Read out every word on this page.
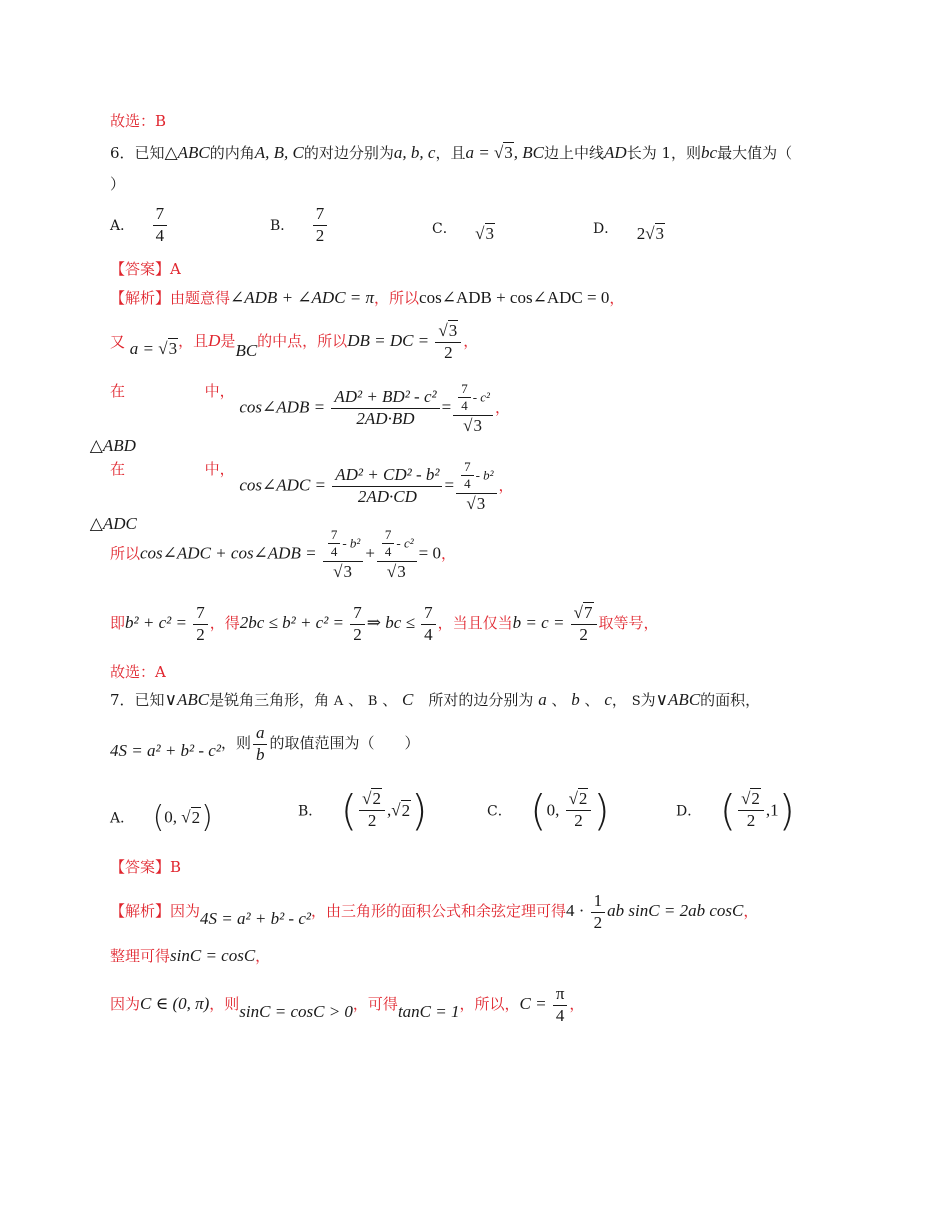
故选：B
6．已知△ABC的内角A, B, C的对边分别为a, b, c，且a = √3, BC边上中线AD长为 1，则bc最大值为（
）
A． $\frac{7}{4}$	B． $\frac{7}{2}$	C． √3	D． 2√3
【答案】A
【解析】由题意得∠ADB + ∠ADC = π，所以cos∠ADB + cos∠ADC = 0，
又 a = √3，且D是BC的中点，所以DB = DC = $\frac{√3}{2}$ ，
在 △ABD 中， cos∠ADB = $\frac{\text{AD² + BD² - c²}}{2AD\cdot BD} = \frac{\frac{7}{4} - c^2}{√3}$ ，
在 △ADC 中， cos∠ADC = $\frac{\text{AD² + CD² - b²}}{2AD\cdot CD} = \frac{\frac{7}{4} - b^2}{√3}$ ，
所以cos∠ADC + cos∠ADB = $\frac{\frac{7}{4} - b^2}{√3} + \frac{\frac{7}{4} - c^2}{√3} = 0$，
即$b^2 + c^2 = \frac{7}{2}$ ，得$2bc \le b^2 + c^2 = \frac{7}{2}$ ⇒ bc ≤ $\frac{7}{4}$ ，当且仅当$b = c = \frac{√7}{2}$ 取等号，
故选：A
7．已知∨ABC是锐角三角形，角 A 、 B 、 C　 所对的边分别为 a 、 b 、 c， S为∨ABC的面积，
4S = a² + b² - c²，则 $\frac{a}{b}$ 的取值范围为（　　）
A． (0, √2)	B． ( $\frac{√2}{2} ,√2$)	C． (0, $\frac{√2}{2}$ )	D． ( $\frac{√2}{2} ,1$)
【答案】B
【解析】因为4S = a² + b² - c²，由三角形的面积公式和余弦定理可得$4 \cdot \frac{1}{2}$ ab sinC = 2ab cosC，
整理可得sinC = cosC，
因为C ∈ (0, π)，则sinC = cosC > 0，可得tanC = 1，所以，$C = \frac{\pi}{4}$ ，
